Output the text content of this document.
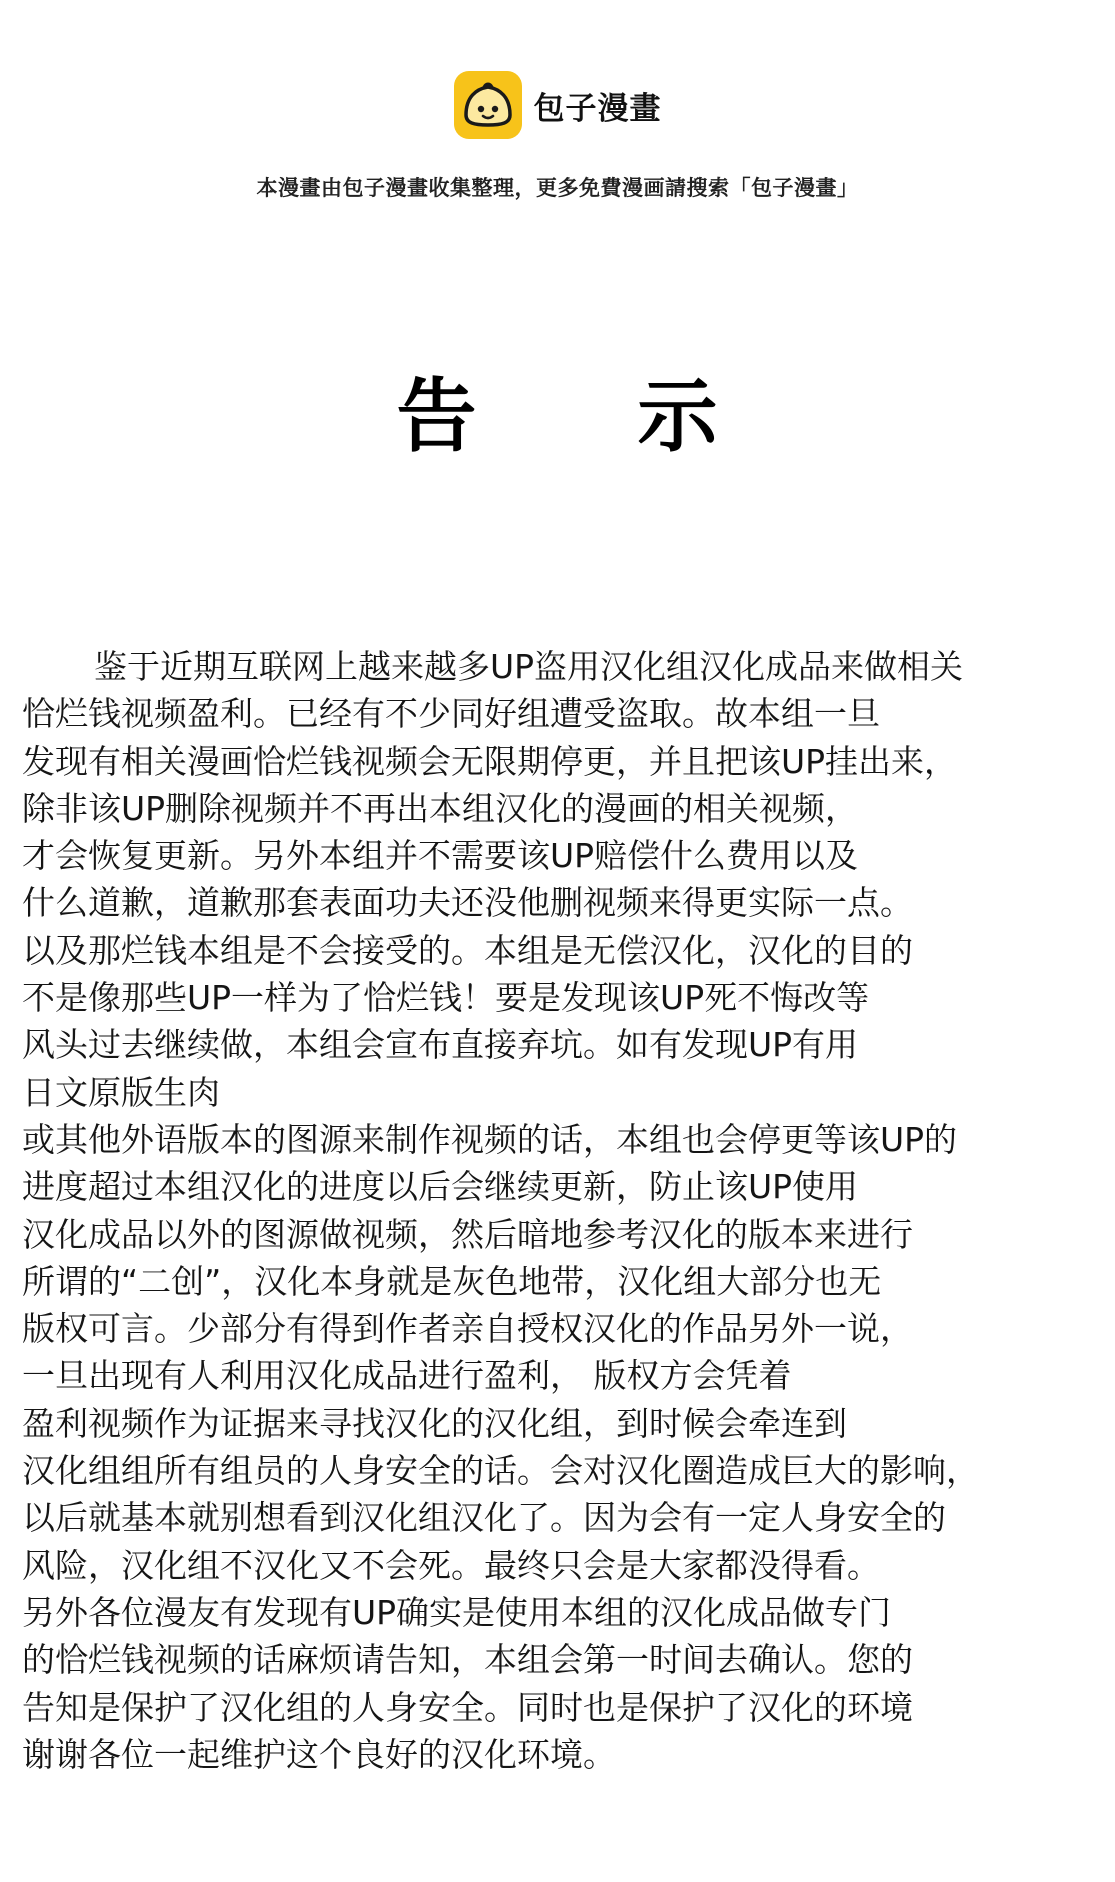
包子漫畫
本漫畫由包子漫畫收集整理，更多免費漫画請搜索「包子漫畫」
告 示
鉴于近期互联网上越来越多UP盗用汉化组汉化成品来做相关
恰烂钱视频盈利。已经有不少同好组遭受盗取。故本组一旦
发现有相关漫画恰烂钱视频会无限期停更，并且把该UP挂出来，
除非该UP删除视频并不再出本组汉化的漫画的相关视频，
才会恢复更新。另外本组并不需要该UP赔偿什么费用以及
什么道歉，道歉那套表面功夫还没他删视频来得更实际一点。
以及那烂钱本组是不会接受的。本组是无偿汉化，汉化的目的
不是像那些UP一样为了恰烂钱！要是发现该UP死不悔改等
风头过去继续做，本组会宣布直接弃坑。如有发现UP有用
日文原版生肉
或其他外语版本的图源来制作视频的话，本组也会停更等该UP的
进度超过本组汉化的进度以后会继续更新，防止该UP使用
汉化成品以外的图源做视频，然后暗地参考汉化的版本来进行
所谓的“二创”，汉化本身就是灰色地带，汉化组大部分也无
版权可言。少部分有得到作者亲自授权汉化的作品另外一说，
一旦出现有人利用汉化成品进行盈利， 版权方会凭着
盈利视频作为证据来寻找汉化的汉化组，到时候会牵连到
汉化组组所有组员的人身安全的话。会对汉化圈造成巨大的影响，
以后就基本就别想看到汉化组汉化了。因为会有一定人身安全的
风险，汉化组不汉化又不会死。最终只会是大家都没得看。
另外各位漫友有发现有UP确实是使用本组的汉化成品做专门
的恰烂钱视频的话麻烦请告知，本组会第一时间去确认。您的
告知是保护了汉化组的人身安全。同时也是保护了汉化的环境
谢谢各位一起维护这个良好的汉化环境。
